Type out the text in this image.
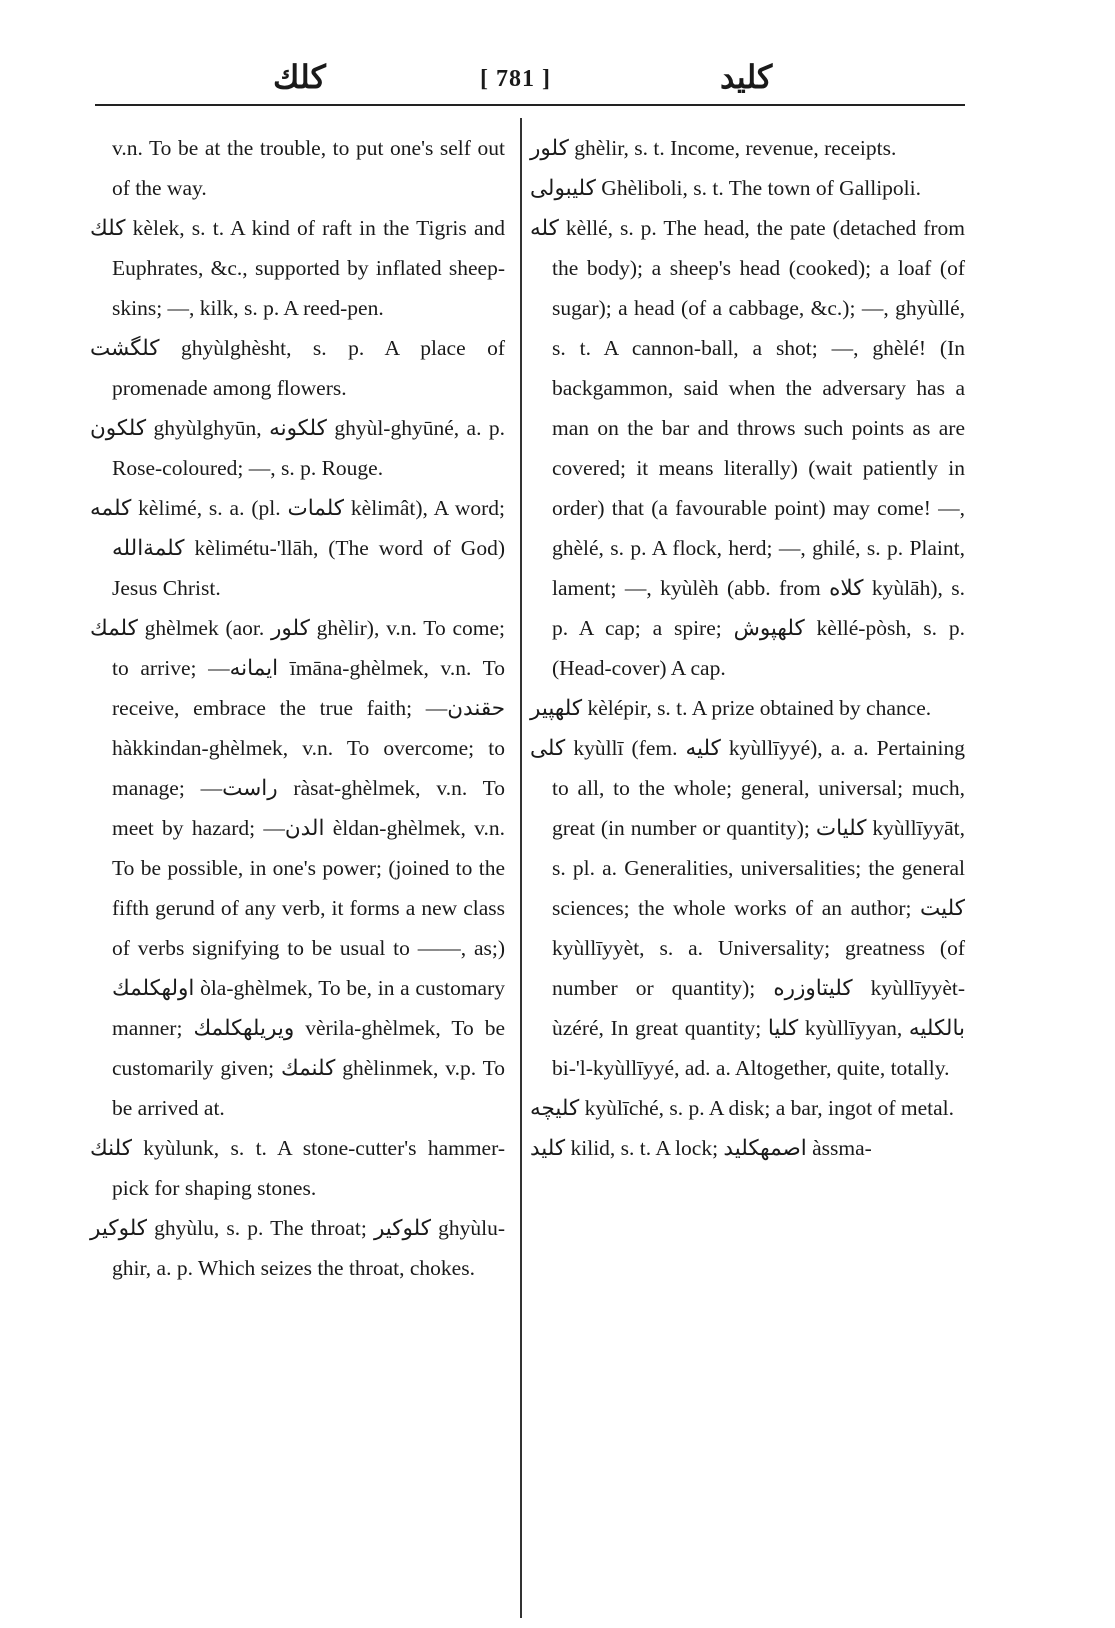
کلك	[ 781 ]	کلید

v.n. To be at the trouble, to put one's self out of the way.

کلك kèlek, s. t. A kind of raft in the Tigris and Euphrates, &c., supported by inflated sheep-skins; —, kilk, s. p. A reed-pen.

کلگشت ghyùlghèsht, s. p. A place of promenade among flowers.

کلکون ghyùlghyūn, کلکونه ghyùl-ghyūné, a. p. Rose-coloured; —, s. p. Rouge.

کلمه kèlimé, s. a. (pl. کلمات kèlimât), A word; کلمةالله kèlimétu-'llāh, (The word of God) Jesus Christ.

کلمك ghèlmek (aor. کلور ghèlir), v.n. To come; to arrive; —ایمانه īmāna-ghèlmek, v.n. To receive, embrace the true faith; —حقندن hàkkindan-ghèlmek, v.n. To overcome; to manage; —راست ràsat-ghèlmek, v.n. To meet by hazard; —الدن èldan-ghèlmek, v.n. To be possible, in one's power; (joined to the fifth gerund of any verb, it forms a new class of verbs signifying to be usual to ——, as;) اولهکلمك òla-ghèlmek, To be, in a customary manner; ویریلهکلمك vèrila-ghèlmek, To be customarily given; کلنمك ghèlinmek, v.p. To be arrived at.

کلنك kyùlunk, s. t. A stone-cutter's hammer-pick for shaping stones.

کلوکیر ghyùlu, s. p. The throat; کلوکیر ghyùlu-ghir, a. p. Which seizes the throat, chokes.

کلور ghèlir, s. t. Income, revenue, receipts.

کلیبولی Ghèliboli, s. t. The town of Gallipoli.

کله kèllé, s. p. The head, the pate (detached from the body); a sheep's head (cooked); a loaf (of sugar); a head (of a cabbage, &c.); —, ghyùllé, s. t. A cannon-ball, a shot; —, ghèlé! (In backgammon, said when the adversary has a man on the bar and throws such points as are covered; it means literally) (wait patiently in order) that (a favourable point) may come! —, ghèlé, s. p. A flock, herd; —, ghilé, s. p. Plaint, lament; —, kyùlèh (abb. from کلاه kyùlāh), s. p. A cap; a spire; کلهپوش kèllé-pòsh, s. p. (Head-cover) A cap.

کلهپیر kèlépir, s. t. A prize obtained by chance.

کلی kyùllī (fem. کلیه kyùllīyyé), a. a. Pertaining to all, to the whole; general, universal; much, great (in number or quantity); کلیات kyùllīyyāt, s. pl. a. Generalities, universalities; the general sciences; the whole works of an author; کلیت kyùllīyyèt, s. a. Universality; greatness (of number or quantity); کلیتاوزره kyùllīyyèt-ùzéré, In great quantity; کلیا kyùllīyyan, بالکلیه bi-'l-kyùllīyyé, ad. a. Altogether, quite, totally.

کلیچه kyùlīché, s. p. A disk; a bar, ingot of metal.

کلید kilid, s. t. A lock; اصمهکلید àssma-
